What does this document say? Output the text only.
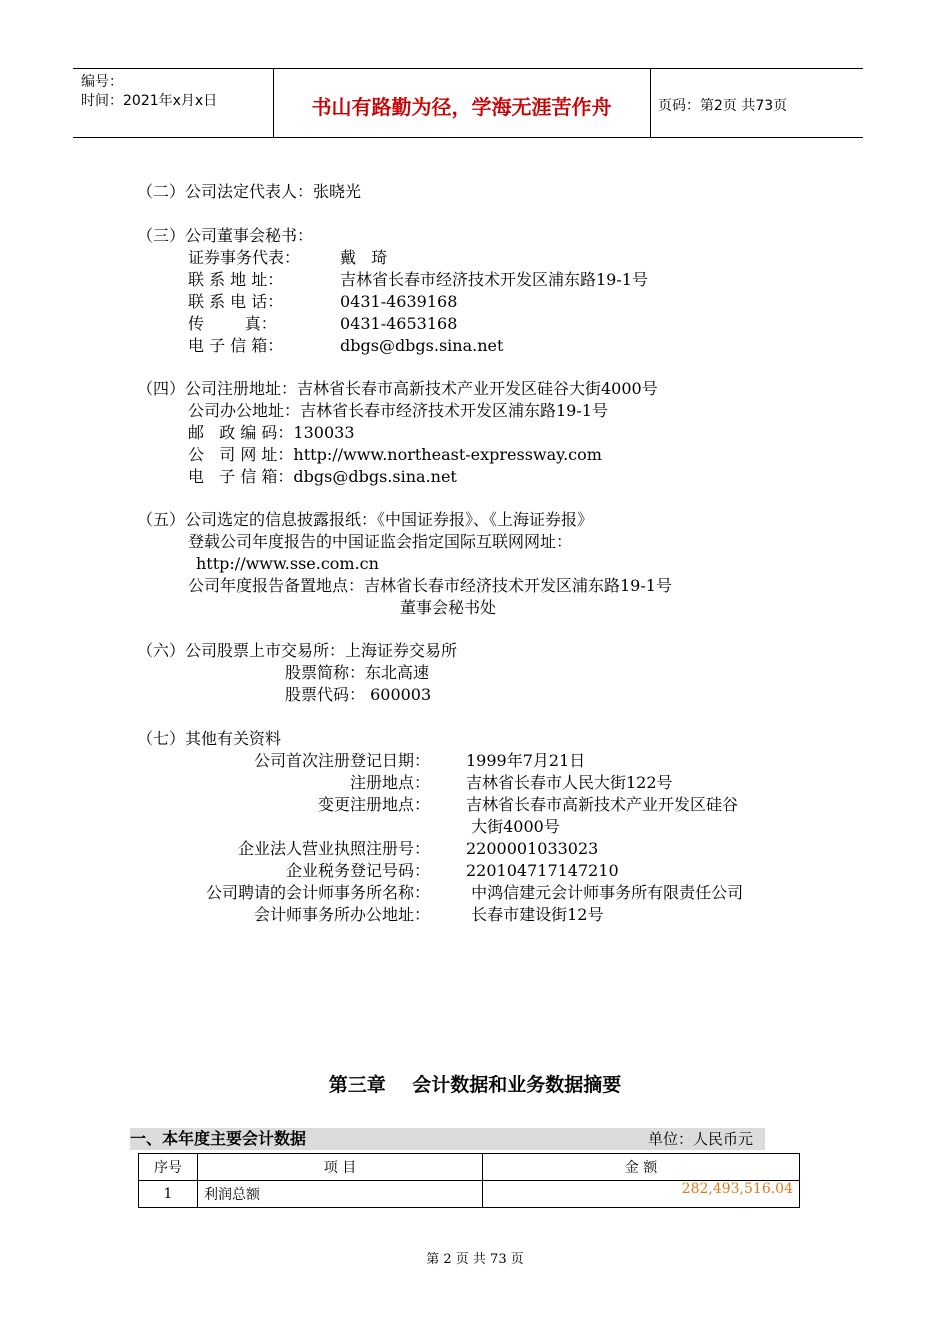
编号：
时间：2021年x月x日	书山有路勤为径，学海无涯苦作舟	页码：第2页 共73页
（二）公司法定代表人：张晓光
（三）公司董事会秘书：
证券事务代表： 戴   琦
联 系 地 址：	吉林省长春市经济技术开发区浦东路19-1号
联 系 电 话：	0431-4639168
传        真：	0431-4653168
电 子 信 箱：	dbgs@dbgs.sina.net
（四）公司注册地址：吉林省长春市高新技术产业开发区硅谷大街4000号
公司办公地址：吉林省长春市经济技术开发区浦东路19-1号
邮   政 编 码：130033
公   司 网 址：http://www.northeast-expressway.com
电   子 信 箱：dbgs@dbgs.sina.net
（五）公司选定的信息披露报纸：《中国证券报》、《上海证券报》
登载公司年度报告的中国证监会指定国际互联网网址：
http://www.sse.com.cn
公司年度报告备置地点：吉林省长春市经济技术开发区浦东路19-1号
董事会秘书处
（六）公司股票上市交易所：上海证券交易所
股票简称：东北高速
股票代码： 600003
（七）其他有关资料
公司首次注册登记日期： 1999年7月21日
注册地点： 吉林省长春市人民大街122号
变更注册地点： 吉林省长春市高新技术产业开发区硅谷
大街4000号
企业法人营业执照注册号： 2200001033023
企业税务登记号码： 220104717147210
公司聘请的会计师事务所名称： 中鸿信建元会计师事务所有限责任公司
会计师事务所办公地址： 长春市建设街12号
第三章    会计数据和业务数据摘要
一、本年度主要会计数据	单位：人民币元
序号	项 目	金 额
1	利润总额	282,493,516.04
第 2 页 共 73 页
